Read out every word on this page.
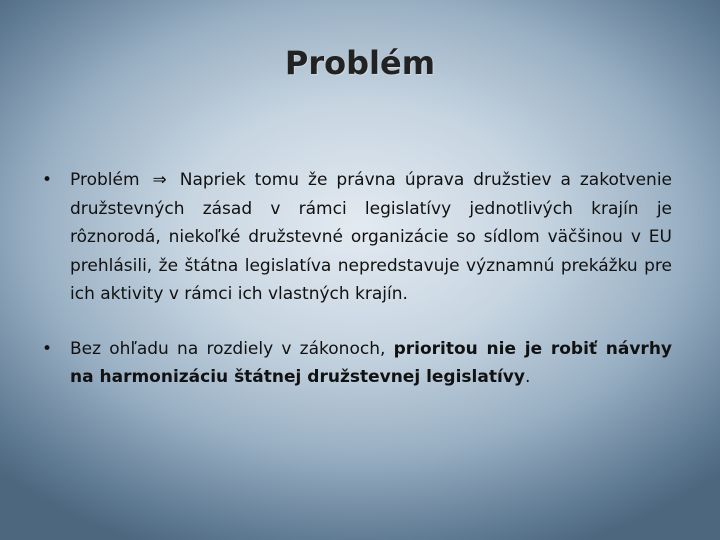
Problém
•	Problém ⇒ Napriek tomu že právna úprava družstiev a zakotvenie družstevných zásad v rámci legislatívy jednotlivých krajín je rôznorodá, niekoľké družstevné organizácie so sídlom väčšinou v EU prehlásili, že štátna legislatíva nepredstavuje významnú prekážku pre ich aktivity v rámci ich vlastných krajín.
•	Bez ohľadu na rozdiely v zákonoch, prioritou nie je robiť návrhy na harmonizáciu štátnej družstevnej legislatívy.
